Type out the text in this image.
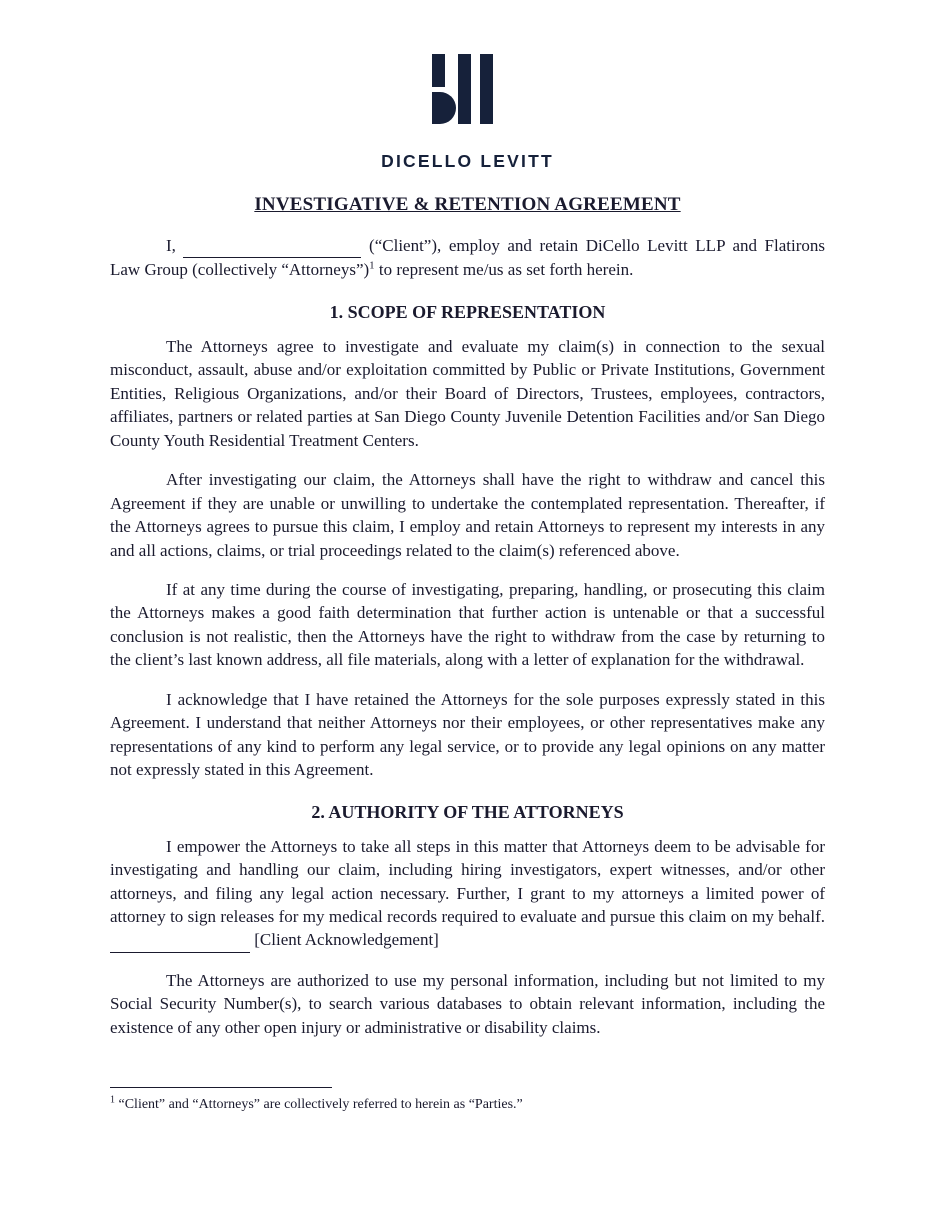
DICELLO LEVITT
INVESTIGATIVE & RETENTION AGREEMENT

I,	(“Client”), employ and retain DiCello Levitt LLP and Flatirons Law Group (collectively “Attorneys”)$^1$ to represent me/us as set forth herein.

1. SCOPE OF REPRESENTATION

The Attorneys agree to investigate and evaluate my claim(s) in connection to the sexual misconduct, assault, abuse and/or exploitation committed by Public or Private Institutions, Government Entities, Religious Organizations, and/or their Board of Directors, Trustees, employees, contractors, affiliates, partners or related parties at San Diego County Juvenile Detention Facilities and/or San Diego County Youth Residential Treatment Centers.

After investigating our claim, the Attorneys shall have the right to withdraw and cancel this Agreement if they are unable or unwilling to undertake the contemplated representation. Thereafter, if the Attorneys agrees to pursue this claim, I employ and retain Attorneys to represent my interests in any and all actions, claims, or trial proceedings related to the claim(s) referenced above.

If at any time during the course of investigating, preparing, handling, or prosecuting this claim the Attorneys makes a good faith determination that further action is untenable or that a successful conclusion is not realistic, then the Attorneys have the right to withdraw from the case by returning to the client’s last known address, all file materials, along with a letter of explanation for the withdrawal.

I acknowledge that I have retained the Attorneys for the sole purposes expressly stated in this Agreement. I understand that neither Attorneys nor their employees, or other representatives make any representations of any kind to perform any legal service, or to provide any legal opinions on any matter not expressly stated in this Agreement.

2. AUTHORITY OF THE ATTORNEYS

I empower the Attorneys to take all steps in this matter that Attorneys deem to be advisable for investigating and handling our claim, including hiring investigators, expert witnesses, and/or other attorneys, and filing any legal action necessary. Further, I grant to my attorneys a limited power of attorney to sign releases for my medical records required to evaluate and pursue this claim on my behalf.   [Client Acknowledgement]

The Attorneys are authorized to use my personal information, including but not limited to my Social Security Number(s), to search various databases to obtain relevant information, including the existence of any other open injury or administrative or disability claims.

$^1$ “Client” and “Attorneys” are collectively referred to herein as “Parties.”
